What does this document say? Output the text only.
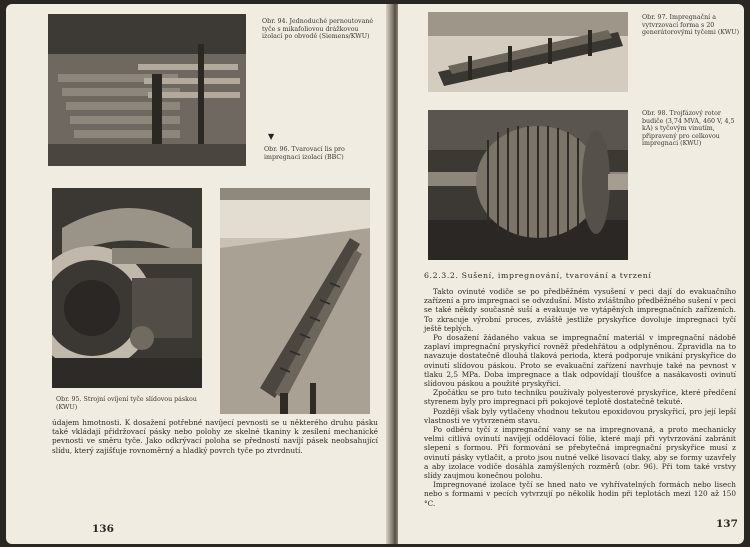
Obr. 94. Jednoduché pernoutované tyče s mikafoliovou drážkovou izolací po obvodě (Siemens/KWU)
▼
Obr. 96. Tvarovací lis pro impregnaci izolací (BBC)
Obr. 95. Strojní ovíjení tyče slídovou páskou (KWU)

údajem hmotnosti. K dosažení potřebné navíjecí pevnosti se u některého druhu pásku také vkládají přidržovací pásky nebo polohy ze skelné tkaniny k zesílení mechanické pevnosti ve směru tyče. Jako odkrývací poloha se předností navíjí pásek neobsahující slídu, který zajišťuje rovnoměrný a hladký povrch tyče po ztvrdnutí.

136
Obr. 97. Impregnační a vytvrzovací forma s 20 generátorovými tyčemi (KWU)
Obr. 98. Trojfázový rotor budiče (3,74 MVA, 460 V, 4,5 kA) s tyčovým vinutím, připravený pro celkovou impregnaci (KWU)
6.2.3.2. Sušení, impregnování, tvarování a tvrzení

Takto ovinuté vodiče se po předběžném vysušení v peci dají do evakuačního zařízení a pro impregnaci se odvzdušní. Místo zvláštního předběžného sušení v peci se také někdy současně suší a evakuuje ve vytápěných impregnačních zařízeních. To zkracuje výrobní proces, zvláště jestliže pryskyřice dovoluje impregnaci tyčí ještě teplých.

Po dosažení žádaného vakua se impregnační materiál v impregnační nádobě zaplaví impregnační pryskyřicí rovněž předehřátou a odplyněnou. Zpravidla na to navazuje dostatečně dlouhá tlaková perioda, která podporuje vnikání pryskyřice do ovinutí slídovou páskou. Proto se evakuační zařízení navrhuje také na pevnost v tlaku 2,5 MPa. Doba impregnace a tlak odpovídají tloušťce a nasákavosti ovinutí slídovou páskou a použité pryskyřici.

Zpočátku se pro tuto techniku používaly polyesterové pryskyřice, které předčení styrenem byly pro impregnaci při pokojové teplotě dostatečně tekuté.

Později však byly vytlačeny vhodnou tekutou epoxidovou pryskyřicí, pro její lepší vlastnosti ve vytvrzeném stavu.

Po odběru tyčí z impregnační vany se na impregnovaná, a proto mechanicky velmi citlivá ovinutí navíjejí oddělovací fólie, které mají při vytvrzování zabránit slepení s formou. Při formování se přebytečná impregnační pryskyřice musí z ovinutí pásky vytlačit, a proto jsou nutné velké lisovací tlaky, aby se formy uzavřely a aby izolace vodiče dosáhla zamýšlených rozměrů (obr. 96). Při tom také vrstvy slídy zaujmou konečnou polohu.

Impregnované izolace tyčí se hned nato ve vyhřívatelných formách nebo lisech nebo s formami v pecích vytvrzují po několik hodin při teplotách mezi 120 až 150 °C.

137
